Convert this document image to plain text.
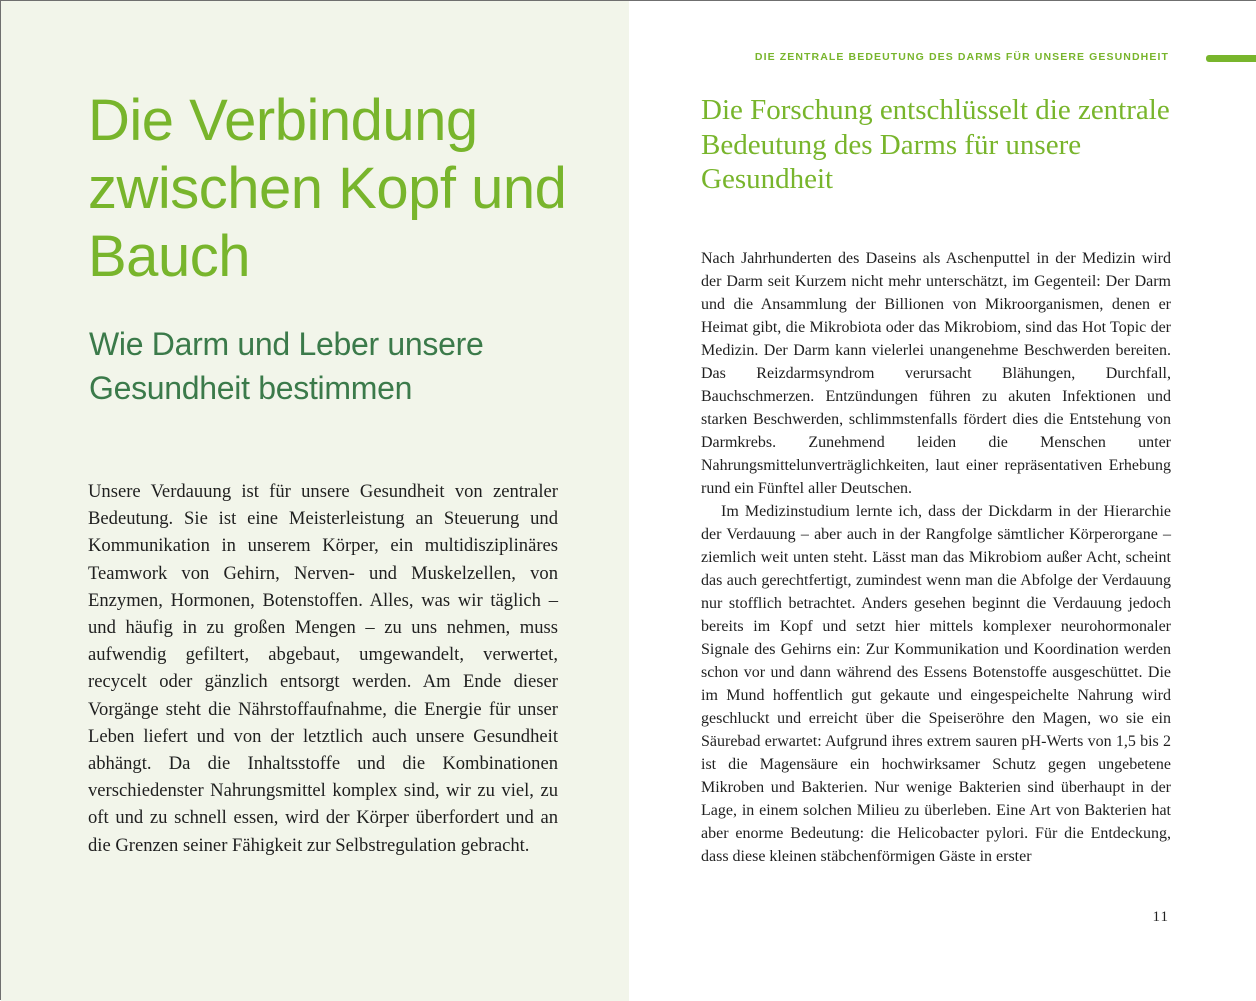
Die Verbindung zwischen Kopf und Bauch
Wie Darm und Leber unsere Gesundheit bestimmen

Unsere Verdauung ist für unsere Gesundheit von zentraler Bedeutung. Sie ist eine Meisterleistung an Steuerung und Kommunikation in unserem Körper, ein multidisziplinäres Teamwork von Gehirn, Nerven- und Muskelzellen, von Enzymen, Hormonen, Botenstoffen. Alles, was wir täglich – und häufig in zu großen Mengen – zu uns nehmen, muss aufwendig gefiltert, abgebaut, umgewandelt, verwertet, recycelt oder gänzlich entsorgt werden. Am Ende dieser Vorgänge steht die Nährstoffaufnahme, die Energie für unser Leben liefert und von der letztlich auch unsere Gesundheit abhängt. Da die Inhaltsstoffe und die Kombinationen verschiedenster Nahrungsmittel komplex sind, wir zu viel, zu oft und zu schnell essen, wird der Körper überfordert und an die Grenzen seiner Fähigkeit zur Selbstregulation gebracht.

DIE ZENTRALE BEDEUTUNG DES DARMS FÜR UNSERE GESUNDHEIT
Die Forschung entschlüsselt die zentrale Bedeutung des Darms für unsere Gesundheit

Nach Jahrhunderten des Daseins als Aschenputtel in der Medizin wird der Darm seit Kurzem nicht mehr unterschätzt, im Gegenteil: Der Darm und die Ansammlung der Billionen von Mikroorganismen, denen er Heimat gibt, die Mikrobiota oder das Mikrobiom, sind das Hot Topic der Medizin. Der Darm kann vielerlei unangenehme Beschwerden bereiten. Das Reizdarmsyndrom verursacht Blähungen, Durchfall, Bauchschmerzen. Entzündungen führen zu akuten Infektionen und starken Beschwerden, schlimmstenfalls fördert dies die Entstehung von Darmkrebs. Zunehmend leiden die Menschen unter Nahrungsmittelunverträglichkeiten, laut einer repräsentativen Erhebung rund ein Fünftel aller Deutschen.

Im Medizinstudium lernte ich, dass der Dickdarm in der Hierarchie der Verdauung – aber auch in der Rangfolge sämtlicher Körperorgane – ziemlich weit unten steht. Lässt man das Mikrobiom außer Acht, scheint das auch gerechtfertigt, zumindest wenn man die Abfolge der Verdauung nur stofflich betrachtet. Anders gesehen beginnt die Verdauung jedoch bereits im Kopf und setzt hier mittels komplexer neurohormonaler Signale des Gehirns ein: Zur Kommunikation und Koordination werden schon vor und dann während des Essens Botenstoffe ausgeschüttet. Die im Mund hoffentlich gut gekaute und eingespeichelte Nahrung wird geschluckt und erreicht über die Speiseröhre den Magen, wo sie ein Säurebad erwartet: Aufgrund ihres extrem sauren pH-Werts von 1,5 bis 2 ist die Magensäure ein hochwirksamer Schutz gegen ungebetene Mikroben und Bakterien. Nur wenige Bakterien sind überhaupt in der Lage, in einem solchen Milieu zu überleben. Eine Art von Bakterien hat aber enorme Bedeutung: die Helicobacter pylori. Für die Entdeckung, dass diese kleinen stäbchenförmigen Gäste in erster

11
